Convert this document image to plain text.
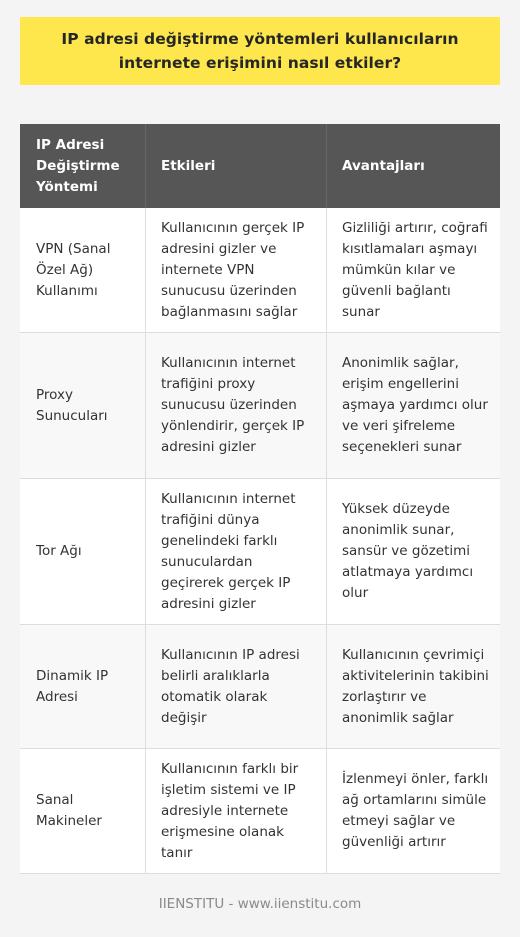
IP adresi değiştirme yöntemleri kullanıcıların internete erişimini nasıl etkiler?
IP Adresi Değiştirme Yöntemi
Etkileri	Avantajları
VPN (Sanal Özel Ağ) Kullanımı
Kullanıcının gerçek IP adresini gizler ve internete VPN sunucusu üzerinden bağlanmasını sağlar
Gizliliği artırır, coğrafi kısıtlamaları aşmayı mümkün kılar ve güvenli bağlantı sunar
Proxy Sunucuları
Kullanıcının internet trafiğini proxy sunucusu üzerinden yönlendirir, gerçek IP adresini gizler
Anonimlik sağlar, erişim engellerini aşmaya yardımcı olur ve veri şifreleme seçenekleri sunar
Tor Ağı
Kullanıcının internet trafiğini dünya genelindeki farklı sunuculardan geçirerek gerçek IP adresini gizler
Yüksek düzeyde anonimlik sunar, sansür ve gözetimi atlatmaya yardımcı olur
Dinamik IP Adresi
Kullanıcının IP adresi belirli aralıklarla otomatik olarak değişir
Kullanıcının çevrimiçi aktivitelerinin takibini zorlaştırır ve anonimlik sağlar
Sanal Makineler
Kullanıcının farklı bir işletim sistemi ve IP adresiyle internete erişmesine olanak tanır
İzlenmeyi önler, farklı ağ ortamlarını simüle etmeyi sağlar ve güvenliği artırır
IIENSTITU - www.iienstitu.com
